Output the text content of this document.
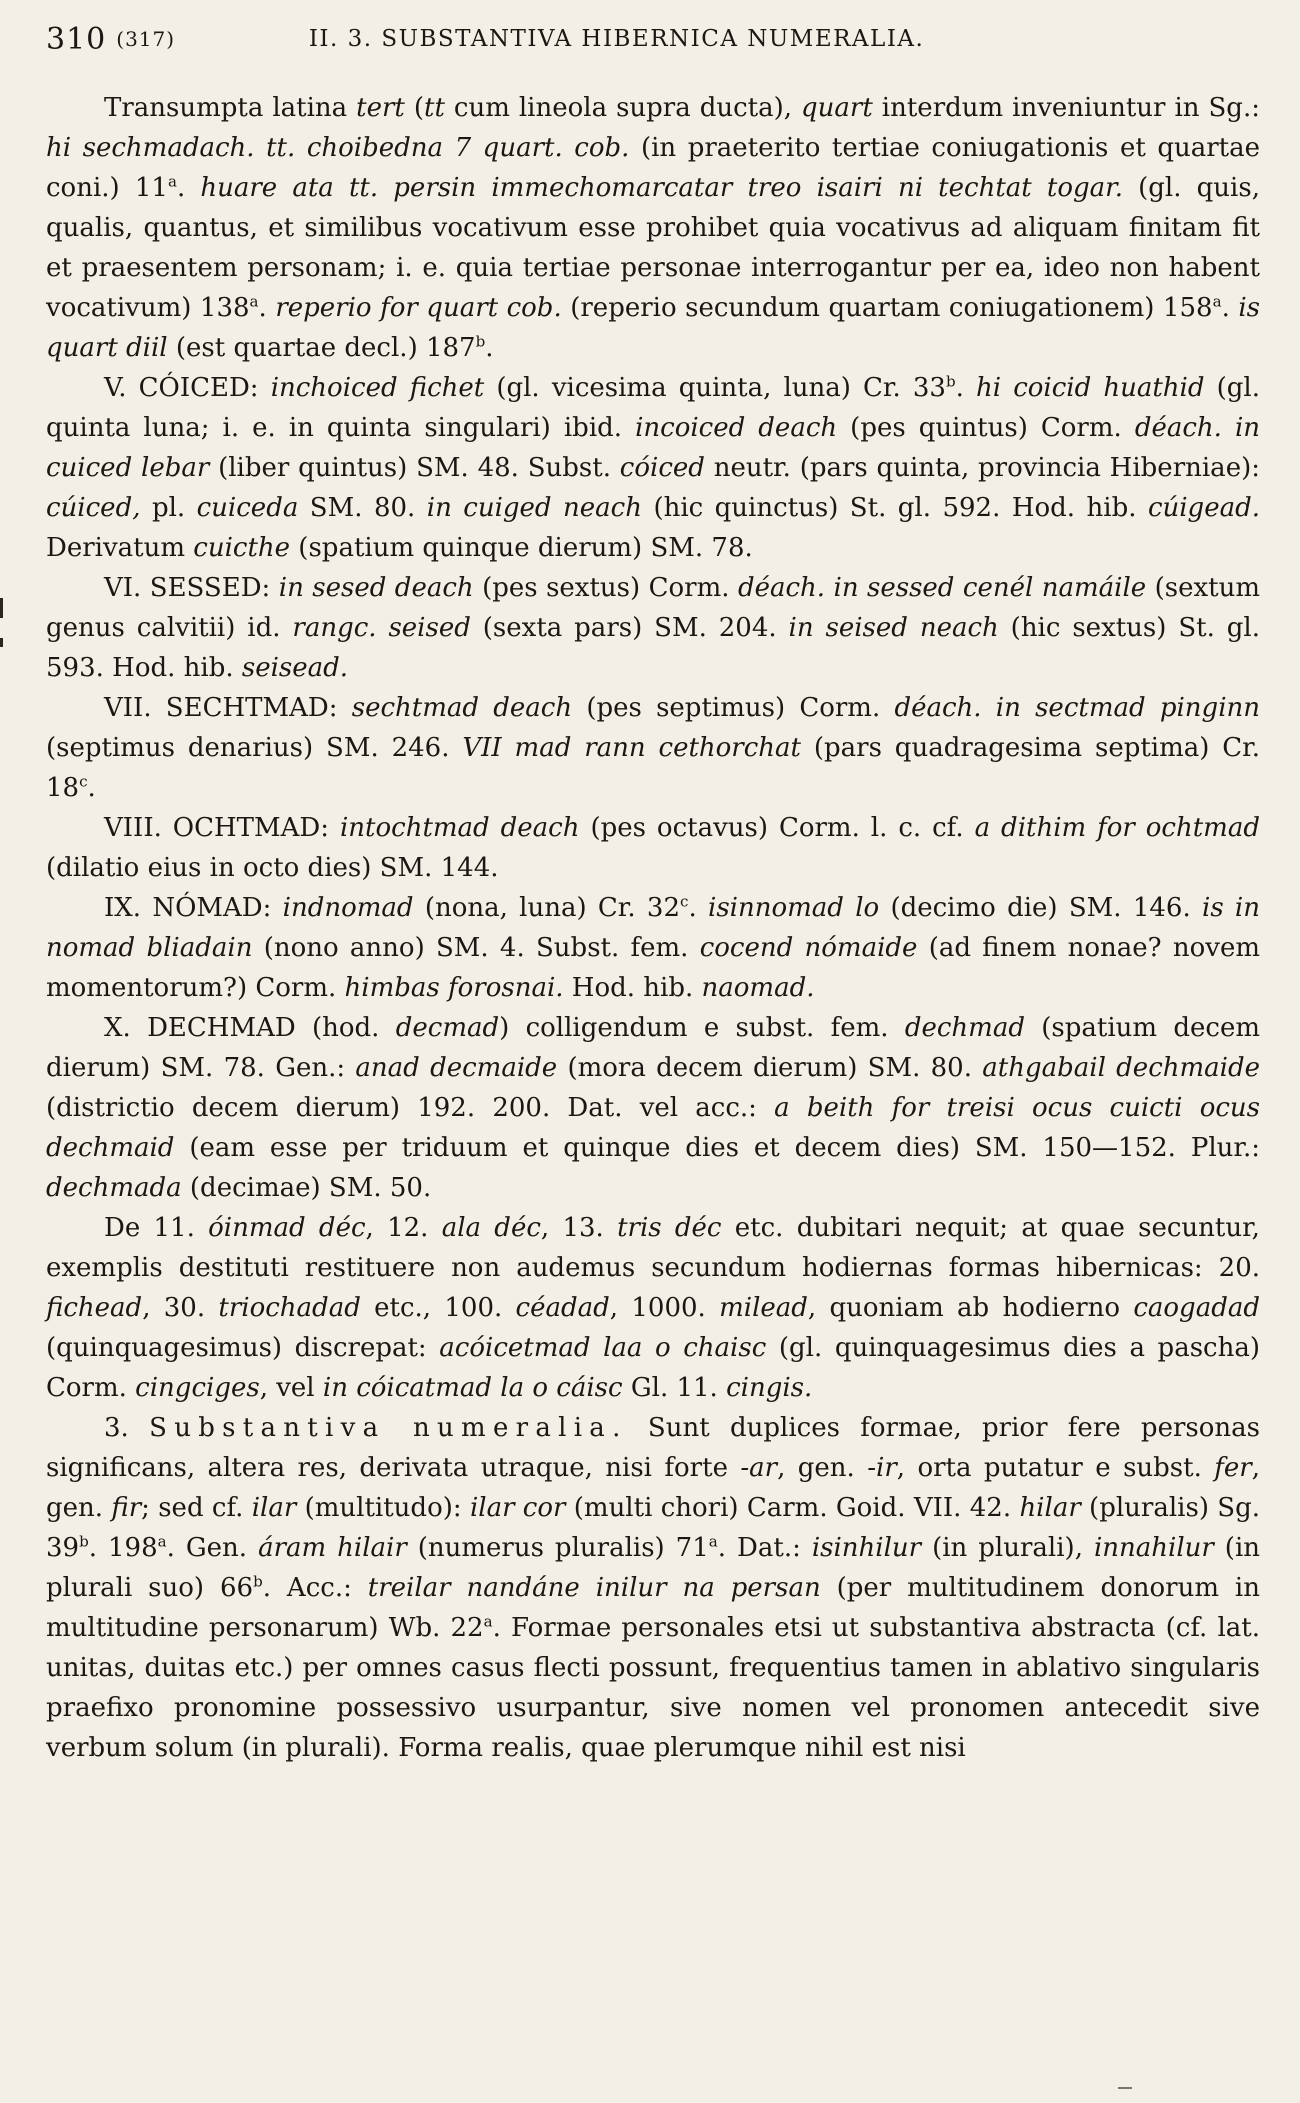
310 (317)	II. 3. SUBSTANTIVA HIBERNICA NUMERALIA.

Transumpta latina tert (tt cum lineola supra ducta), quart interdum inveniuntur in Sg.: hi sechmadach. tt. choibedna 7 quart. cob. (in praeterito tertiae coniugationis et quartae coni.) 11$^a$. huare ata tt. persin immechomarcatar treo isairi ni techtat togar. (gl. quis, qualis, quantus, et similibus vocativum esse prohibet quia vocativus ad aliquam finitam fit et praesentem personam; i. e. quia tertiae personae interrogantur per ea, ideo non habent vocativum) 138$^a$. reperio for quart cob. (reperio secundum quartam coniugationem) 158$^a$. is quart diil (est quartae decl.) 187$^b$.

V. CÓICED: inchoiced fichet (gl. vicesima quinta, luna) Cr. 33$^b$. hi coicid huathid (gl. quinta luna; i. e. in quinta singulari) ibid. incoiced deach (pes quintus) Corm. déach. in cuiced lebar (liber quintus) SM. 48. Subst. cóiced neutr. (pars quinta, provincia Hiberniae): cúiced, pl. cuiceda SM. 80. in cuiged neach (hic quinctus) St. gl. 592. Hod. hib. cúigead. Derivatum cuicthe (spatium quinque dierum) SM. 78.

VI. SESSED: in sesed deach (pes sextus) Corm. déach. in sessed cenél namáile (sextum genus calvitii) id. rangc. seised (sexta pars) SM. 204. in seised neach (hic sextus) St. gl. 593. Hod. hib. seisead.

VII. SECHTMAD: sechtmad deach (pes septimus) Corm. déach. in sectmad pinginn (septimus denarius) SM. 246. VII mad rann cethorchat (pars quadragesima septima) Cr. 18$^c$.

VIII. OCHTMAD: intochtmad deach (pes octavus) Corm. l. c. cf. a dithim for ochtmad (dilatio eius in octo dies) SM. 144.

IX. NÓMAD: indnomad (nona, luna) Cr. 32$^c$. isinnomad lo (decimo die) SM. 146. is in nomad bliadain (nono anno) SM. 4. Subst. fem. cocend nómaide (ad finem nonae? novem momentorum?) Corm. himbas forosnai. Hod. hib. naomad.

X. DECHMAD (hod. decmad) colligendum e subst. fem. dechmad (spatium decem dierum) SM. 78. Gen.: anad decmaide (mora decem dierum) SM. 80. athgabail dechmaide (districtio decem dierum) 192. 200. Dat. vel acc.: a beith for treisi ocus cuicti ocus dechmaid (eam esse per triduum et quinque dies et decem dies) SM. 150—152. Plur.: dechmada (decimae) SM. 50.

De 11. óinmad déc, 12. ala déc, 13. tris déc etc. dubitari nequit; at quae secuntur, exemplis destituti restituere non audemus secundum hodiernas formas hibernicas: 20. fichead, 30. triochadad etc., 100. céadad, 1000. milead, quoniam ab hodierno caogadad (quinquagesimus) discrepat: acóicetmad laa o chaisc (gl. quinquagesimus dies a pascha) Corm. cingciges, vel in cóicatmad la o cáisc Gl. 11. cingis.

3. Substantiva numeralia. Sunt duplices formae, prior fere personas significans, altera res, derivata utraque, nisi forte -ar, gen. -ir, orta putatur e subst. fer, gen. fir; sed cf. ilar (multitudo): ilar cor (multi chori) Carm. Goid. VII. 42. hilar (pluralis) Sg. 39$^b$. 198$^a$. Gen. áram hilair (numerus pluralis) 71$^a$. Dat.: isinhilur (in plurali), innahilur (in plurali suo) 66$^b$. Acc.: treilar nandáne inilur na persan (per multitudinem donorum in multitudine personarum) Wb. 22$^a$. Formae personales etsi ut substantiva abstracta (cf. lat. unitas, duitas etc.) per omnes casus flecti possunt, frequentius tamen in ablativo singularis praefixo pronomine possessivo usurpantur, sive nomen vel pronomen antecedit sive verbum solum (in plurali). Forma realis, quae plerumque nihil est nisi
